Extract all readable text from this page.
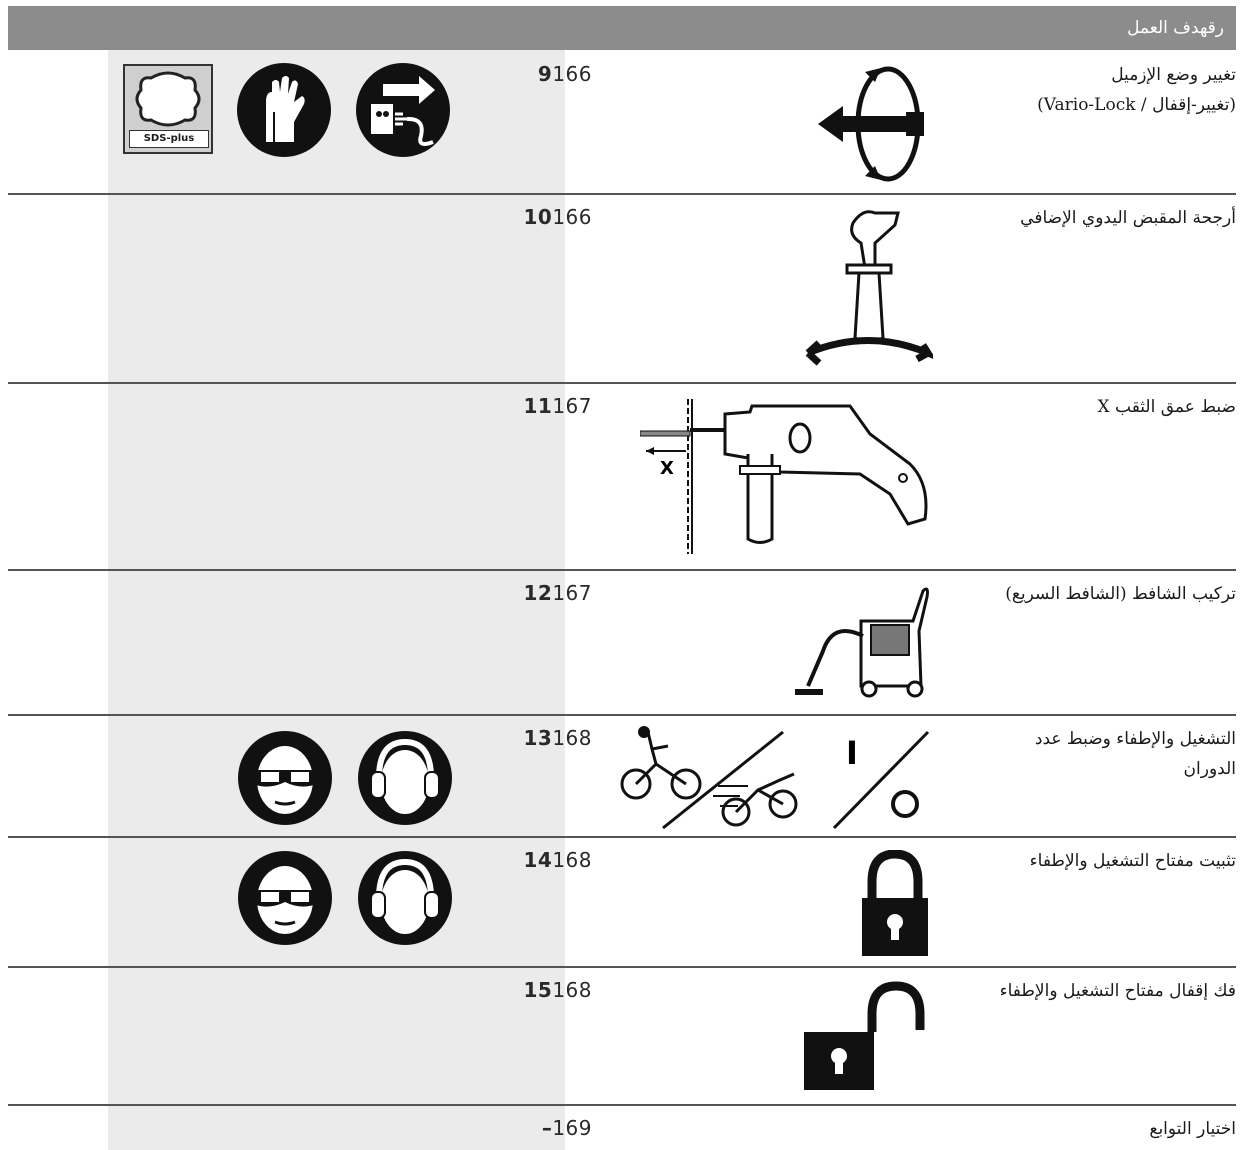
رقهدف العمل
تغيير وضع الإزميل
(تغيير-إقفال / Vario-Lock)
9166
SDS-plus
أرجحة المقبض اليدوي الإضافي
10166
ضبط عمق الثقب X
11167
X
تركيب الشافط (الشافط السريع)
12167
التشغيل والإطفاء وضبط عدد
الدوران
13168	I
تثبيت مفتاح التشغيل والإطفاء
14168
فك إقفال مفتاح التشغيل والإطفاء
15168
اختيار التوابع
–169
